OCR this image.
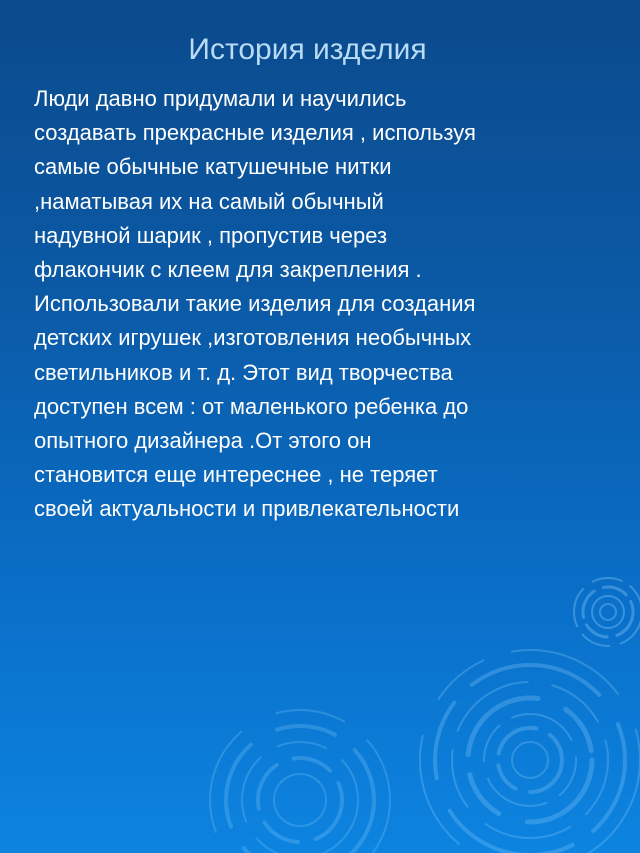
История изделия

Люди давно придумали и научились
создавать прекрасные изделия , используя
самые обычные катушечные нитки
,наматывая их на самый обычный
надувной шарик , пропустив через
флакончик с клеем для закрепления .
Использовали такие изделия для создания
детских игрушек ,изготовления необычных
светильников и т. д. Этот вид творчества
доступен всем : от маленького ребенка до
опытного дизайнера .От этого он
становится еще интереснее , не теряет
своей актуальности и привлекательности
